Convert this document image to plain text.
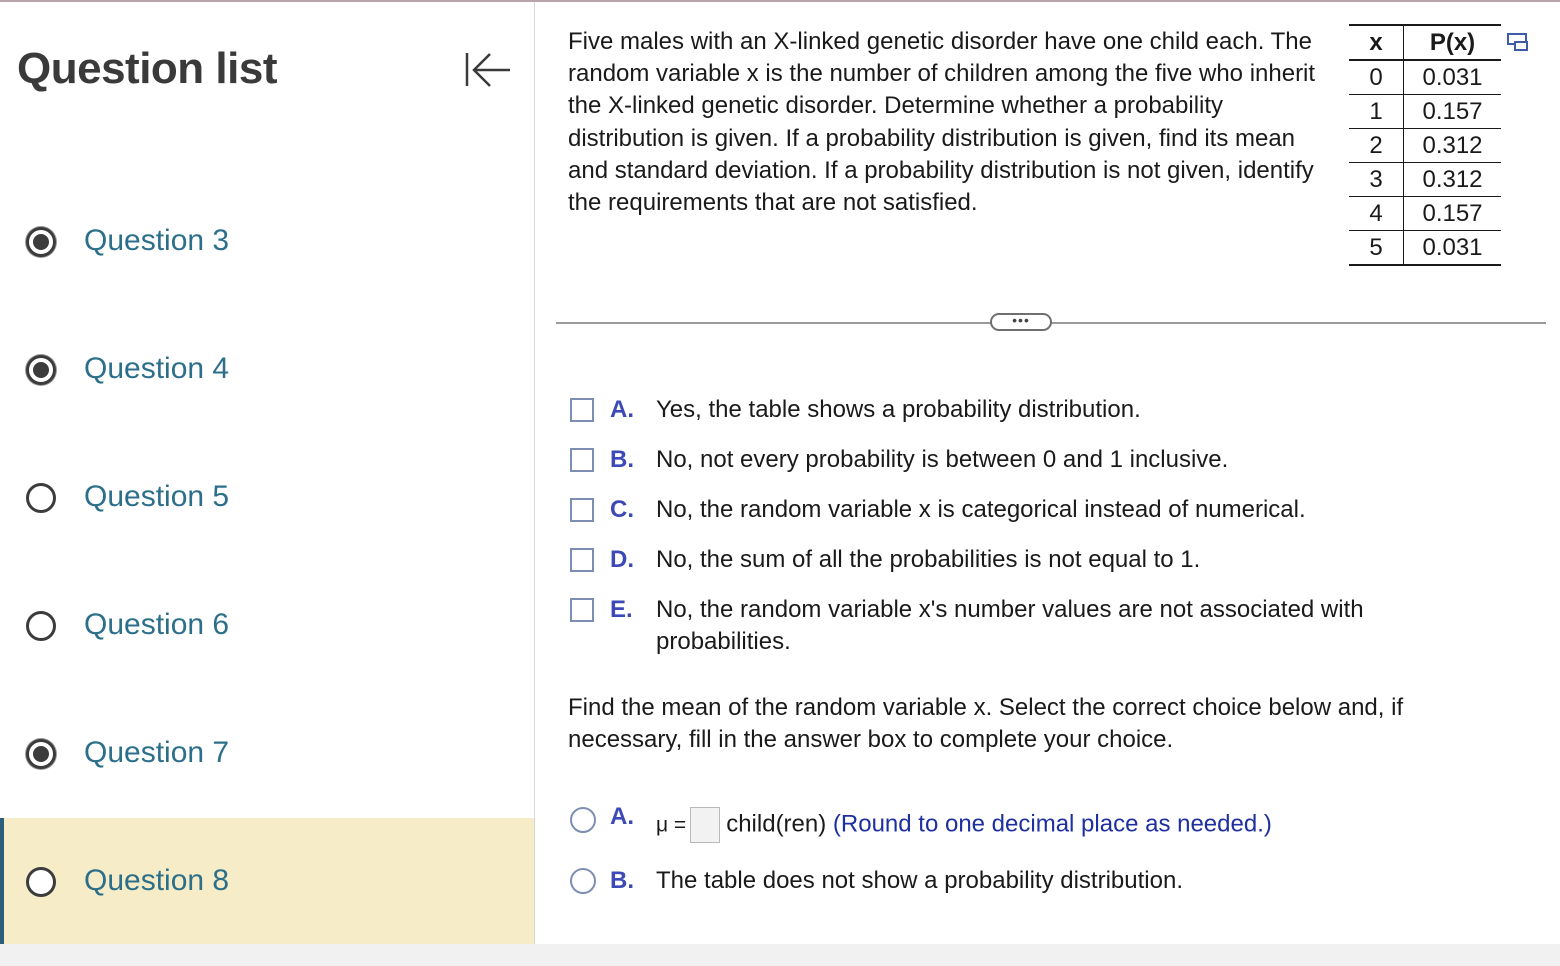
Question list
Question 3
Question 4
Question 5
Question 6
Question 7
Question 8
Five males with an X-linked genetic disorder have one child each. The random variable x is the number of children among the five who inherit the X-linked genetic disorder. Determine whether a probability distribution is given. If a probability distribution is given, find its mean and standard deviation. If a probability distribution is not given, identify the requirements that are not satisfied.
x	P(x)
0	0.031
1	0.157
2	0.312
3	0.312
4	0.157
5	0.031
•••
A. Yes, the table shows a probability distribution.
B. No, not every probability is between 0 and 1 inclusive.
C. No, the random variable x is categorical instead of numerical.
D. No, the sum of all the probabilities is not equal to 1.
E. No, the random variable x's number values are not associated with probabilities.
Find the mean of the random variable x. Select the correct choice below and, if necessary, fill in the answer box to complete your choice.
A. μ = child(ren) (Round to one decimal place as needed.)
B. The table does not show a probability distribution.
